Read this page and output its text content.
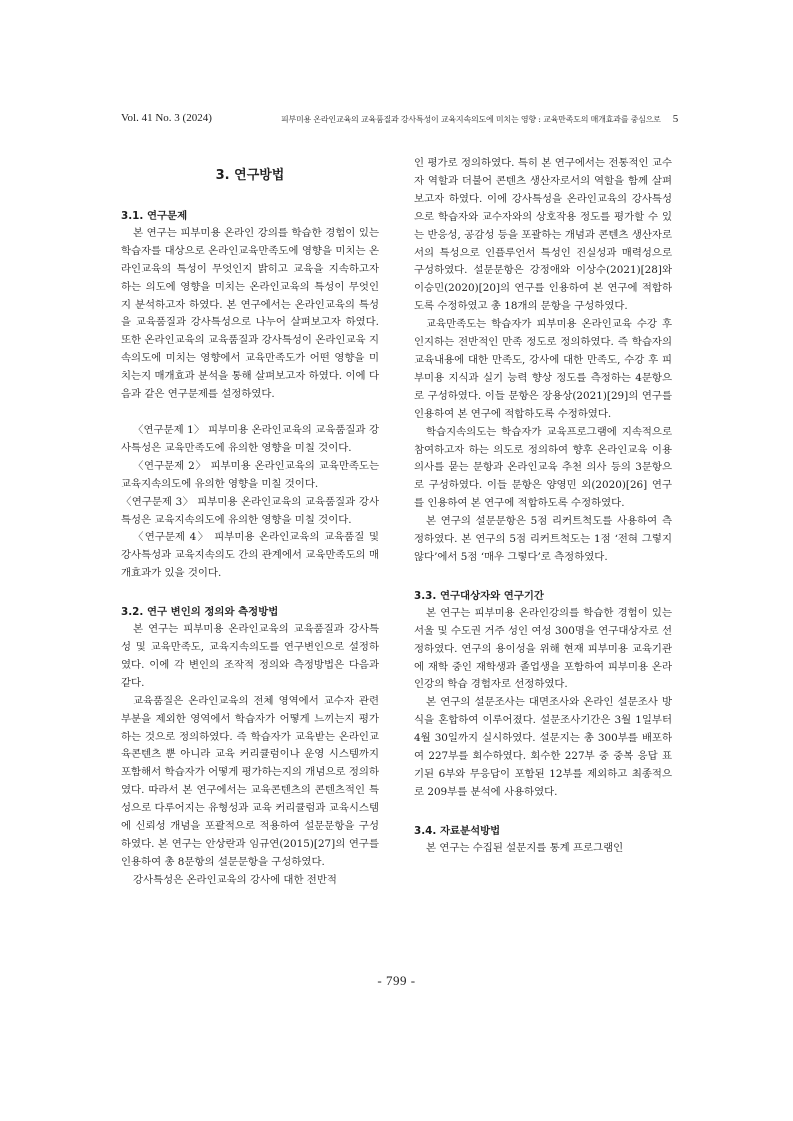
Vol. 41 No. 3 (2024)	피부미용 온라인교육의 교육품질과 강사특성이 교육지속의도에 미치는 영향 : 교육만족도의 매개효과를 중심으로 5
3. 연구방법
3.1. 연구문제

본 연구는 피부미용 온라인 강의를 학습한 경험이 있는 학습자를 대상으로 온라인교육만족도에 영향을 미치는 온라인교육의 특성이 무엇인지 밝히고 교육을 지속하고자 하는 의도에 영향을 미치는 온라인교육의 특성이 무엇인지 분석하고자 하였다. 본 연구에서는 온라인교육의 특성을 교육품질과 강사특성으로 나누어 살펴보고자 하였다. 또한 온라인교육의 교육품질과 강사특성이 온라인교육 지속의도에 미치는 영향에서 교육만족도가 어떤 영향을 미치는지 매개효과 분석을 통해 살펴보고자 하였다. 이에 다음과 같은 연구문제를 설정하였다.

〈연구문제 1〉 피부미용 온라인교육의 교육품질과 강사특성은 교육만족도에 유의한 영향을 미칠 것이다.

〈연구문제 2〉 피부미용 온라인교육의 교육만족도는 교육지속의도에 유의한 영향을 미칠 것이다.

〈연구문제 3〉 피부미용 온라인교육의 교육품질과 강사특성은 교육지속의도에 유의한 영향을 미칠 것이다.

〈연구문제 4〉 피부미용 온라인교육의 교육품질 및 강사특성과 교육지속의도 간의 관계에서 교육만족도의 매개효과가 있을 것이다.

3.2. 연구 변인의 정의와 측정방법

본 연구는 피부미용 온라인교육의 교육품질과 강사특성 및 교육만족도, 교육지속의도를 연구변인으로 설정하였다. 이에 각 변인의 조작적 정의와 측정방법은 다음과 같다.

교육품질은 온라인교육의 전체 영역에서 교수자 관련 부분을 제외한 영역에서 학습자가 어떻게 느끼는지 평가하는 것으로 정의하였다. 즉 학습자가 교육받는 온라인교육콘텐츠 뿐 아니라 교육 커리큘럼이나 운영 시스템까지 포함해서 학습자가 어떻게 평가하는지의 개념으로 정의하였다. 따라서 본 연구에서는 교육콘텐츠의 콘텐츠적인 특성으로 다루어지는 유형성과 교육 커리큘럼과 교육시스템에 신뢰성 개념을 포괄적으로 적용하여 설문문항을 구성하였다. 본 연구는 안상란과 임규연(2015)[27]의 연구를 인용하여 총 8문항의 설문문항을 구성하였다.

강사특성은 온라인교육의 강사에 대한 전반적

인 평가로 정의하였다. 특히 본 연구에서는 전통적인 교수자 역할과 더불어 콘텐츠 생산자로서의 역할을 함께 살펴보고자 하였다. 이에 강사특성을 온라인교육의 강사특성으로 학습자와 교수자와의 상호작용 정도를 평가할 수 있는 반응성, 공감성 등을 포괄하는 개념과 콘텐츠 생산자로서의 특성으로 인플루언서 특성인 진실성과 매력성으로 구성하였다. 설문문항은 강정애와 이상수(2021)[28]와 이승민(2020)[20]의 연구를 인용하여 본 연구에 적합하도록 수정하였고 총 18개의 문항을 구성하였다.

교육만족도는 학습자가 피부미용 온라인교육 수강 후 인지하는 전반적인 만족 정도로 정의하였다. 즉 학습자의 교육내용에 대한 만족도, 강사에 대한 만족도, 수강 후 피부미용 지식과 실기 능력 향상 정도를 측정하는 4문항으로 구성하였다. 이들 문항은 장용상(2021)[29]의 연구를 인용하여 본 연구에 적합하도록 수정하였다.

학습지속의도는 학습자가 교육프로그램에 지속적으로 참여하고자 하는 의도로 정의하여 향후 온라인교육 이용의사를 묻는 문항과 온라인교육 추천 의사 등의 3문항으로 구성하였다. 이들 문항은 양영민 외(2020)[26] 연구를 인용하여 본 연구에 적합하도록 수정하였다.

본 연구의 설문문항은 5점 리커트척도를 사용하여 측정하였다. 본 연구의 5점 리커트척도는 1점 ‘전혀 그렇지 않다’에서 5점 ‘매우 그렇다’로 측정하였다.

3.3. 연구대상자와 연구기간

본 연구는 피부미용 온라인강의를 학습한 경험이 있는 서울 및 수도권 거주 성인 여성 300명을 연구대상자로 선정하였다. 연구의 용이성을 위해 현재 피부미용 교육기관에 재학 중인 재학생과 졸업생을 포함하여 피부미용 온라인강의 학습 경험자로 선정하였다.

본 연구의 설문조사는 대면조사와 온라인 설문조사 방식을 혼합하여 이루어졌다. 설문조사기간은 3월 1일부터 4월 30일까지 실시하였다. 설문지는 총 300부를 배포하여 227부를 회수하였다. 회수한 227부 중 중복 응답 표기된 6부와 무응답이 포함된 12부를 제외하고 최종적으로 209부를 분석에 사용하였다.

3.4. 자료분석방법

본 연구는 수집된 설문지를 통계 프로그램인

- 799 -
